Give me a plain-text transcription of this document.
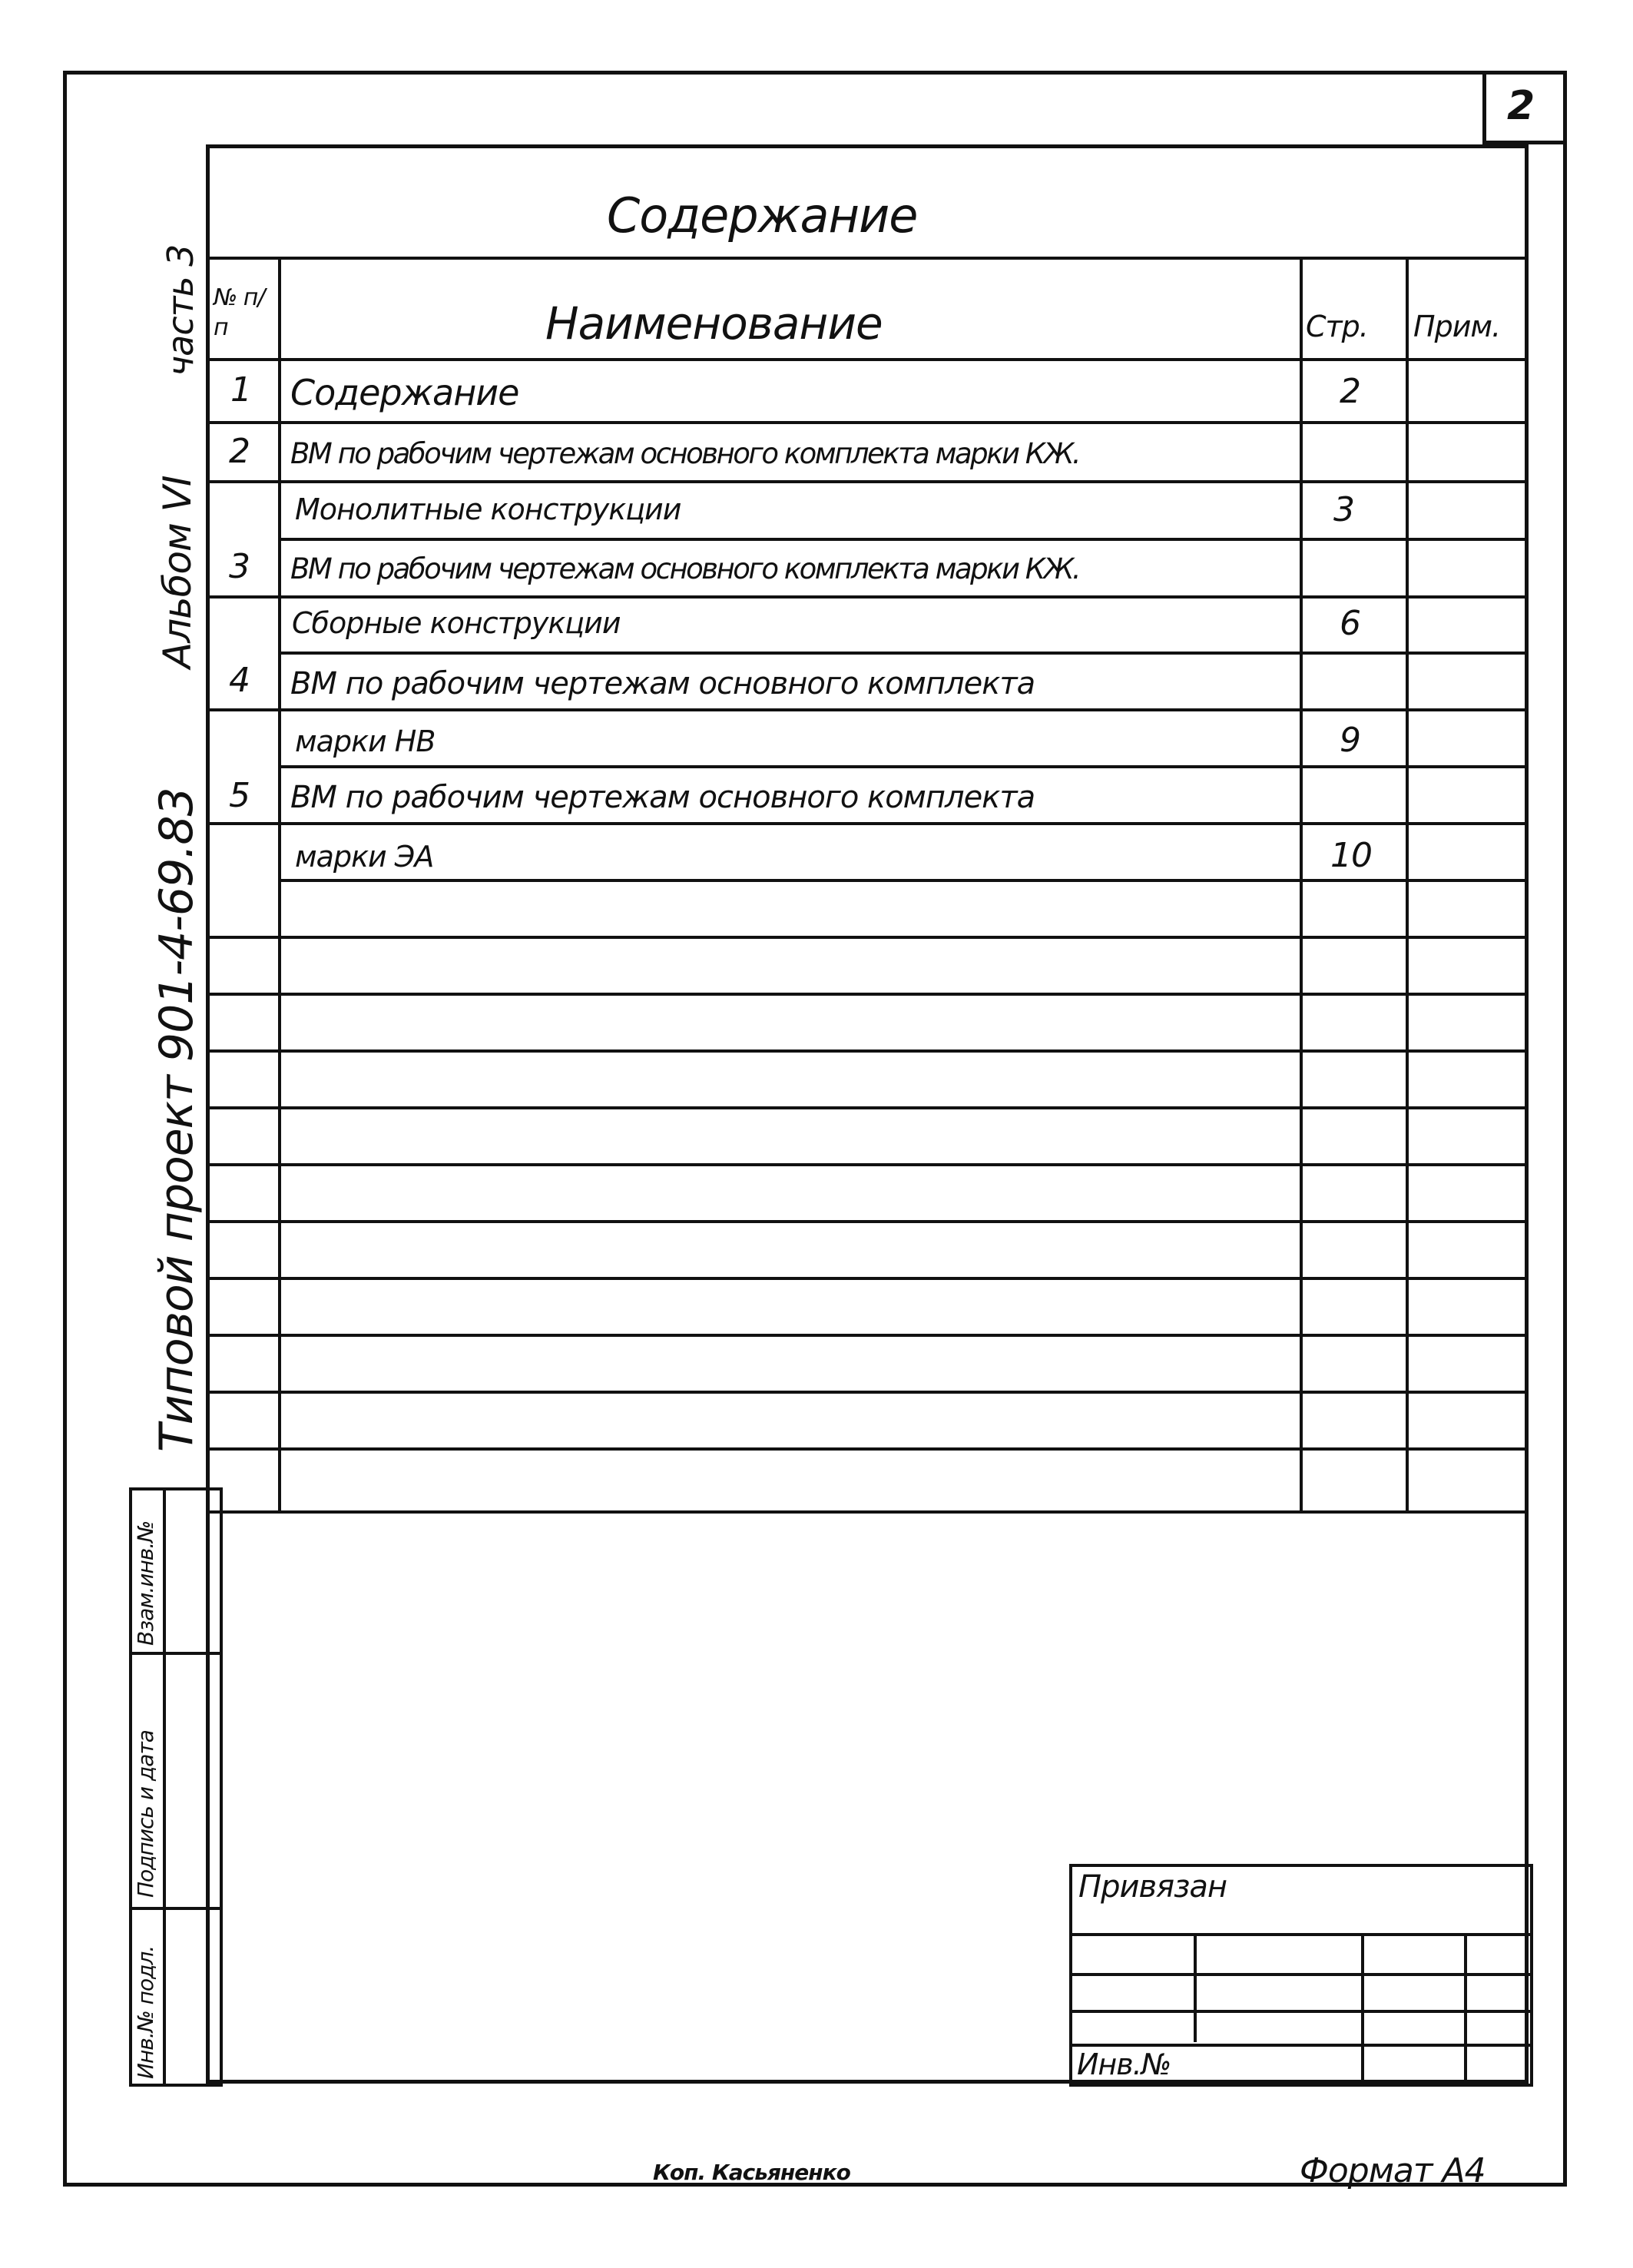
2
Содержание
№ п/п	Наименование	Стр. Прим.
1 Содержание	2
2 ВМ по рабочим чертежам основного комплекта марки КЖ.
Монолитные конструкции	3
3 ВМ по рабочим чертежам основного комплекта марки КЖ.
Сборные конструкции	6
4 ВМ по рабочим чертежам основного комплекта
марки НВ	9
5 ВМ по рабочим чертежам основного комплекта
марки ЭА	10
Типовой проект 901-4-69.83
Альбом VI
часть 3
Взам.инв.№
Подпись и дата
Инв.№ подл.
Привязан
Инв.№
Коп. Касьяненко	Формат А4
